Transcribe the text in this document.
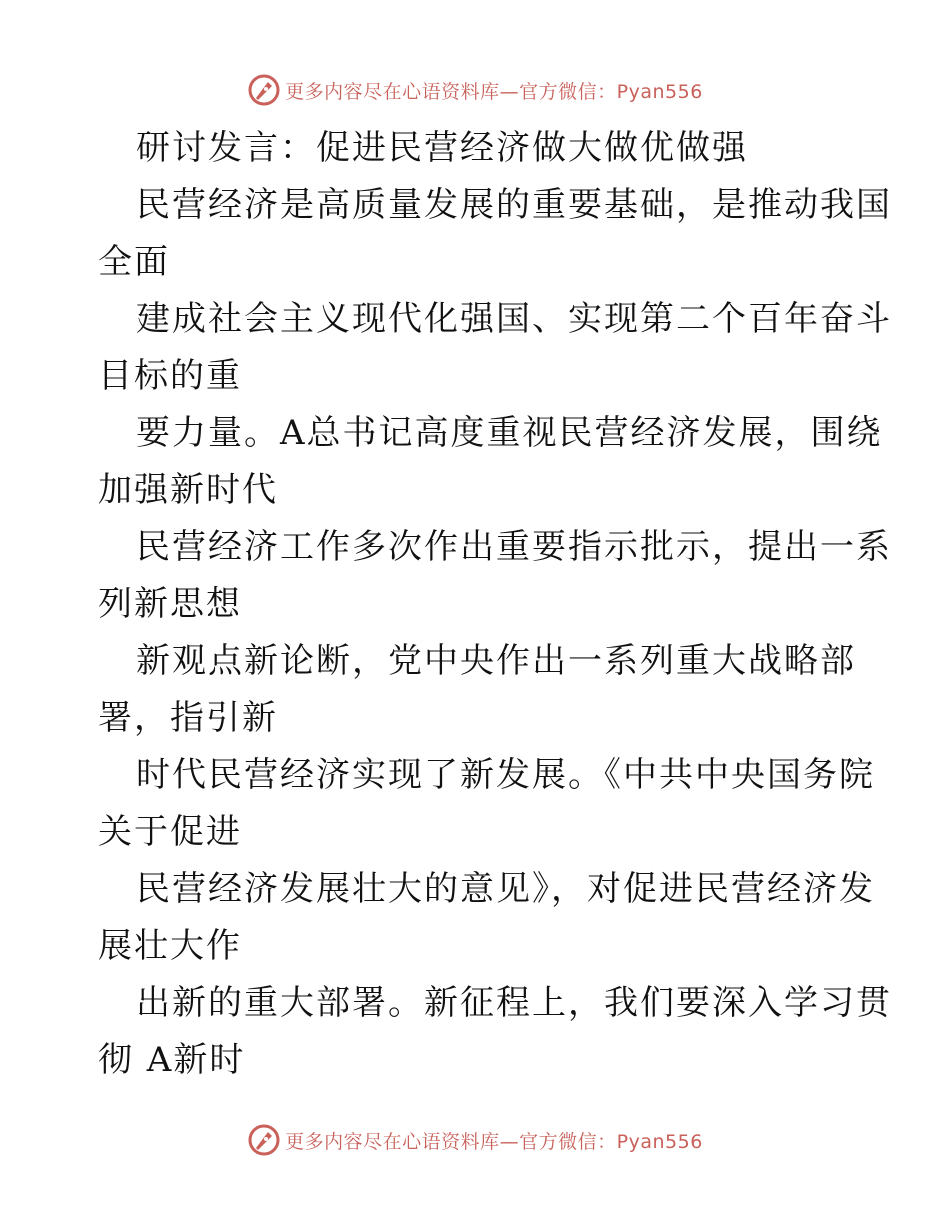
更多内容尽在心语资料库—官方微信：Pyan556
研讨发言：促进民营经济做大做优做强
民营经济是高质量发展的重要基础，是推动我国
全面
建成社会主义现代化强国、实现第二个百年奋斗
目标的重
要力量。A总书记高度重视民营经济发展，围绕
加强新时代
民营经济工作多次作出重要指示批示，提出一系
列新思想
新观点新论断，党中央作出一系列重大战略部
署，指引新
时代民营经济实现了新发展。《中共中央国务院
关于促进
民营经济发展壮大的意见》，对促进民营经济发
展壮大作
出新的重大部署。新征程上，我们要深入学习贯
彻 A新时
更多内容尽在心语资料库—官方微信：Pyan556
